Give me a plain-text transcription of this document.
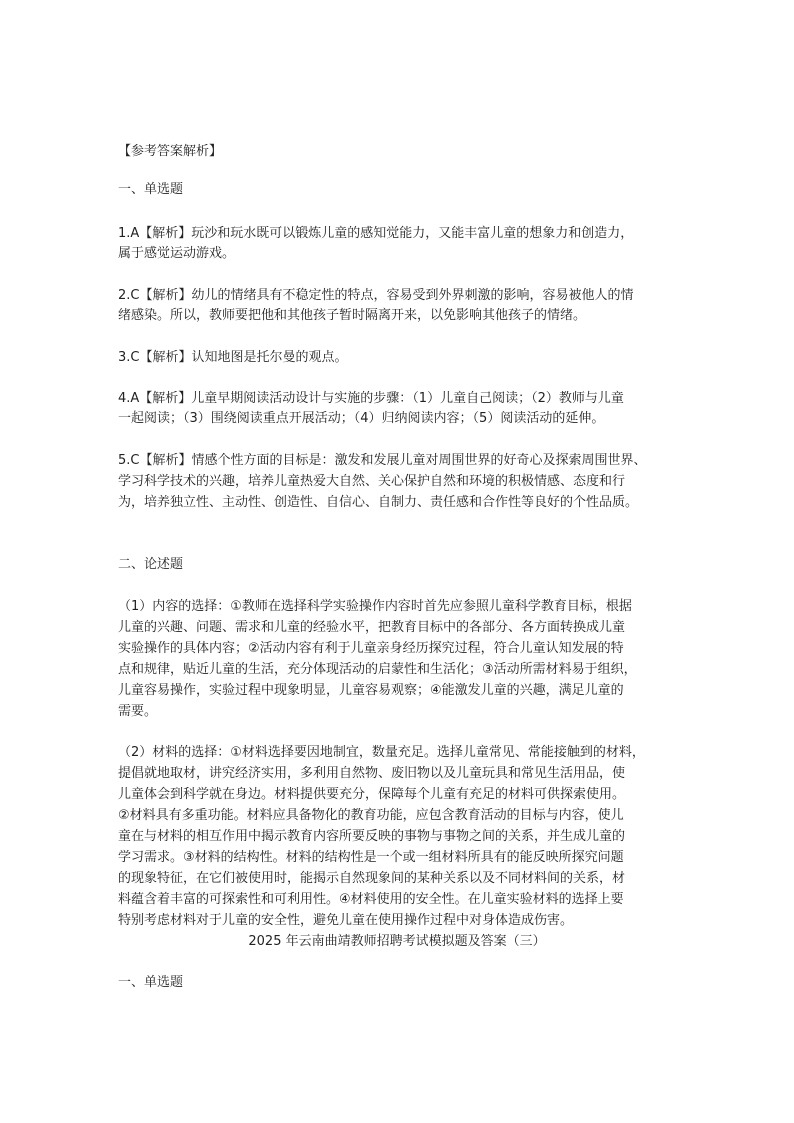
【参考答案解析】
一、单选题
1.A【解析】玩沙和玩水既可以锻炼儿童的感知觉能力，又能丰富儿童的想象力和创造力，
属于感觉运动游戏。
2.C【解析】幼儿的情绪具有不稳定性的特点，容易受到外界刺激的影响，容易被他人的情
绪感染。所以，教师要把他和其他孩子暂时隔离开来，以免影响其他孩子的情绪。
3.C【解析】认知地图是托尔曼的观点。
4.A【解析】儿童早期阅读活动设计与实施的步骤：（1）儿童自己阅读；（2）教师与儿童
一起阅读；（3）围绕阅读重点开展活动；（4）归纳阅读内容；（5）阅读活动的延伸。
5.C【解析】情感个性方面的目标是：激发和发展儿童对周围世界的好奇心及探索周围世界、
学习科学技术的兴趣，培养儿童热爱大自然、关心保护自然和环境的积极情感、态度和行
为，培养独立性、主动性、创造性、自信心、自制力、责任感和合作性等良好的个性品质。
二、论述题
（1）内容的选择：①教师在选择科学实验操作内容时首先应参照儿童科学教育目标，根据
儿童的兴趣、问题、需求和儿童的经验水平，把教育目标中的各部分、各方面转换成儿童
实验操作的具体内容；②活动内容有利于儿童亲身经历探究过程，符合儿童认知发展的特
点和规律，贴近儿童的生活，充分体现活动的启蒙性和生活化；③活动所需材料易于组织，
儿童容易操作，实验过程中现象明显，儿童容易观察；④能激发儿童的兴趣，满足儿童的
需要。
（2）材料的选择：①材料选择要因地制宜，数量充足。选择儿童常见、常能接触到的材料，
提倡就地取材，讲究经济实用，多利用自然物、废旧物以及儿童玩具和常见生活用品，使
儿童体会到科学就在身边。材料提供要充分，保障每个儿童有充足的材料可供探索使用。
②材料具有多重功能。材料应具备物化的教育功能，应包含教育活动的目标与内容，使儿
童在与材料的相互作用中揭示教育内容所要反映的事物与事物之间的关系，并生成儿童的
学习需求。③材料的结构性。材料的结构性是一个或一组材料所具有的能反映所探究问题
的现象特征，在它们被使用时，能揭示自然现象间的某种关系以及不同材料间的关系，材
料蕴含着丰富的可探索性和可利用性。④材料使用的安全性。在儿童实验材料的选择上要
特别考虑材料对于儿童的安全性，避免儿童在使用操作过程中对身体造成伤害。
2025 年云南曲靖教师招聘考试模拟题及答案（三）
一、单选题
